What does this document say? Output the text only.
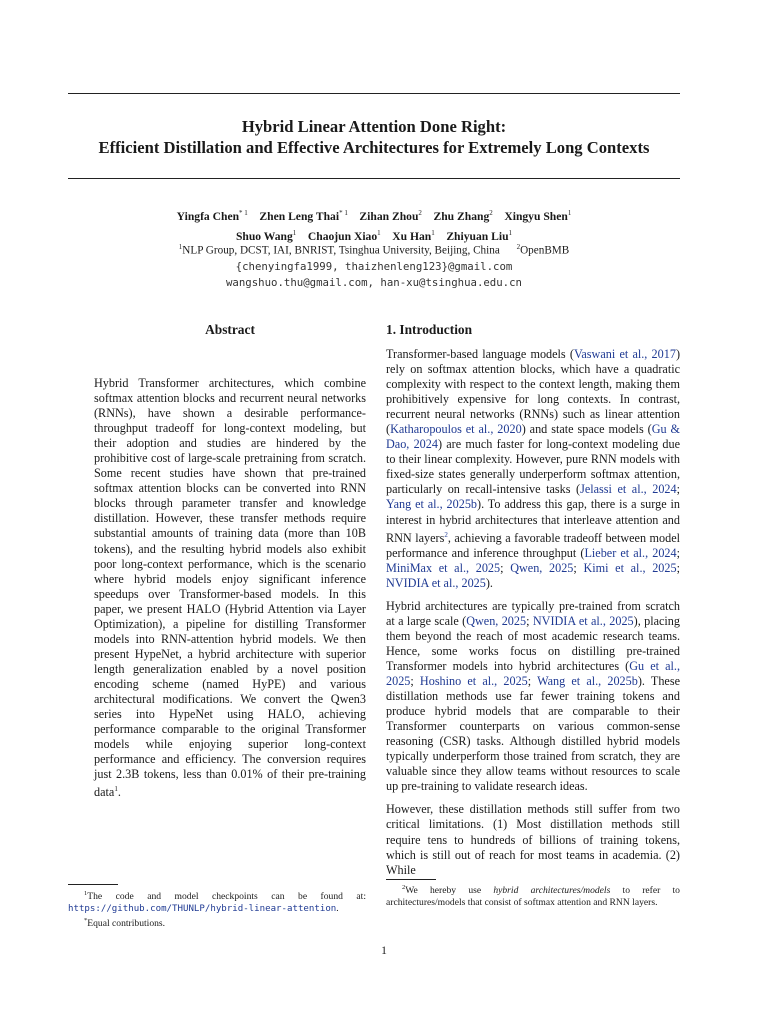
Hybrid Linear Attention Done Right:
Efficient Distillation and Effective Architectures for Extremely Long Contexts
Yingfa Chen$^{* 1}$ Zhen Leng Thai$^{* 1}$ Zihan Zhou$^2$ Zhu Zhang$^2$ Xingyu Shen$^1$
Shuo Wang$^1$ Chaojun Xiao$^1$ Xu Han$^1$ Zhiyuan Liu$^1$
$^1$NLP Group, DCST, IAI, BNRIST, Tsinghua University, Beijing, China $^2$OpenBMB
{chenyingfa1999, thaizhenleng123}@gmail.com
wangshuo.thu@gmail.com, han-xu@tsinghua.edu.cn
Abstract
Hybrid Transformer architectures, which combine softmax attention blocks and recurrent neural networks (RNNs), have shown a desirable performance-throughput tradeoff for long-context modeling, but their adoption and studies are hindered by the prohibitive cost of large-scale pretraining from scratch. Some recent studies have shown that pre-trained softmax attention blocks can be converted into RNN blocks through parameter transfer and knowledge distillation. However, these transfer methods require substantial amounts of training data (more than 10B tokens), and the resulting hybrid models also exhibit poor long-context performance, which is the scenario where hybrid models enjoy significant inference speedups over Transformer-based models. In this paper, we present HALO (Hybrid Attention via Layer Optimization), a pipeline for distilling Transformer models into RNN-attention hybrid models. We then present HypeNet, a hybrid architecture with superior length generalization enabled by a novel position encoding scheme (named HyPE) and various architectural modifications. We convert the Qwen3 series into HypeNet using HALO, achieving performance comparable to the original Transformer models while enjoying superior long-context performance and efficiency. The conversion requires just 2.3B tokens, less than 0.01% of their pre-training data$^1$.
1. Introduction

Transformer-based language models (Vaswani et al., 2017) rely on softmax attention blocks, which have a quadratic complexity with respect to the context length, making them prohibitively expensive for long contexts. In contrast, recurrent neural networks (RNNs) such as linear attention (Katharopoulos et al., 2020) and state space models (Gu & Dao, 2024) are much faster for long-context modeling due to their linear complexity. However, pure RNN models with fixed-size states generally underperform softmax attention, particularly on recall-intensive tasks (Jelassi et al., 2024; Yang et al., 2025b). To address this gap, there is a surge in interest in hybrid architectures that interleave attention and RNN layers$^2$, achieving a favorable tradeoff between model performance and inference throughput (Lieber et al., 2024; MiniMax et al., 2025; Qwen, 2025; Kimi et al., 2025; NVIDIA et al., 2025).

Hybrid architectures are typically pre-trained from scratch at a large scale (Qwen, 2025; NVIDIA et al., 2025), placing them beyond the reach of most academic research teams. Hence, some works focus on distilling pre-trained Transformer models into hybrid architectures (Gu et al., 2025; Hoshino et al., 2025; Wang et al., 2025b). These distillation methods use far fewer training tokens and produce hybrid models that are comparable to their Transformer counterparts on various common-sense reasoning (CSR) tasks. Although distilled hybrid models typically underperform those trained from scratch, they are valuable since they allow teams without resources to scale up pre-training to validate research ideas.

However, these distillation methods still suffer from two critical limitations. (1) Most distillation methods still require tens to hundreds of billions of training tokens, which is still out of reach for most teams in academia. (2) While

$^1$The code and model checkpoints can be found at: https://github.com/THUNLP/hybrid-linear-attention.
*Equal contributions.
$^2$We hereby use hybrid architectures/models to refer to architectures/models that consist of softmax attention and RNN layers.
1
